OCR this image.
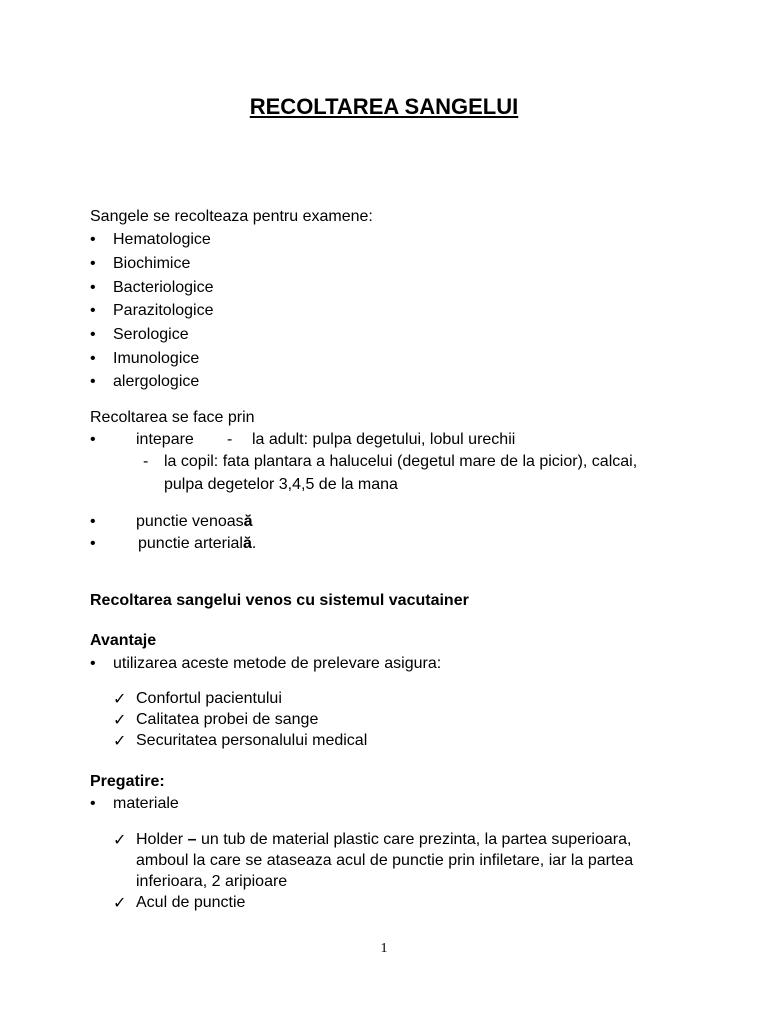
RECOLTAREA SANGELUI
Sangele se recolteaza pentru examene:
• Hematologice
• Biochimice
• Bacteriologice
• Parazitologice
• Serologice
• Imunologice
• alergologice
Recoltarea se face prin
•	intepare - la adult: pulpa degetului, lobul urechii
- la copil: fata plantara a halucelui (degetul mare de la picior), calcai,
pulpa degetelor 3,4,5 de la mana
•	punctie venoasă
•	punctie arterială.
Recoltarea sangelui venos cu sistemul vacutainer
Avantaje
• utilizarea aceste metode de prelevare asigura:
✓ Confortul pacientului
✓ Calitatea probei de sange
✓ Securitatea personalului medical
Pregatire:
• materiale
✓ Holder – un tub de material plastic care prezinta, la partea superioara,
amboul la care se ataseaza acul de punctie prin infiletare, iar la partea
inferioara, 2 aripioare
✓ Acul de punctie
1
